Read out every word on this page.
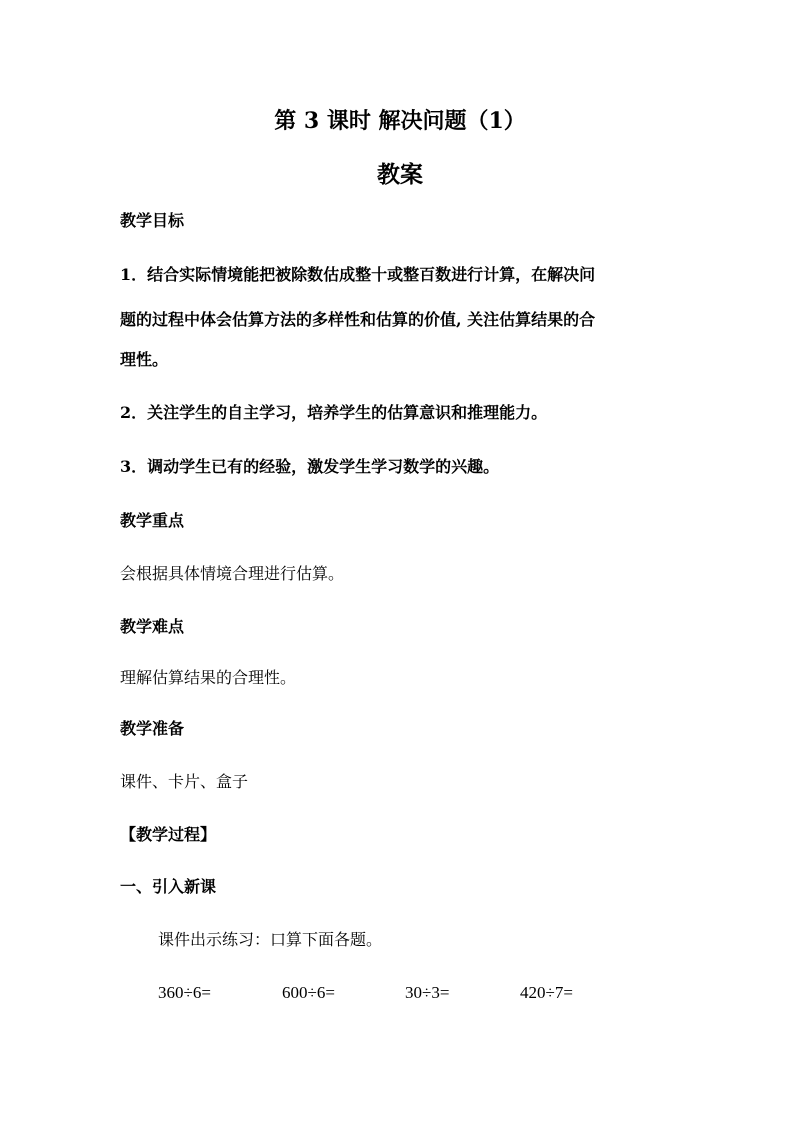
第 3 课时 解决问题（1）
教案
教学目标
1．结合实际情境能把被除数估成整十或整百数进行计算，在解决问
题的过程中体会估算方法的多样性和估算的价值, 关注估算结果的合
理性。
2．关注学生的自主学习，培养学生的估算意识和推理能力。
3．调动学生已有的经验，激发学生学习数学的兴趣。
教学重点
会根据具体情境合理进行估算。
教学难点
理解估算结果的合理性。
教学准备
课件、卡片、盒子
【教学过程】
一、引入新课
课件出示练习：口算下面各题。
360÷6=	600÷6=	30÷3=	420÷7=
